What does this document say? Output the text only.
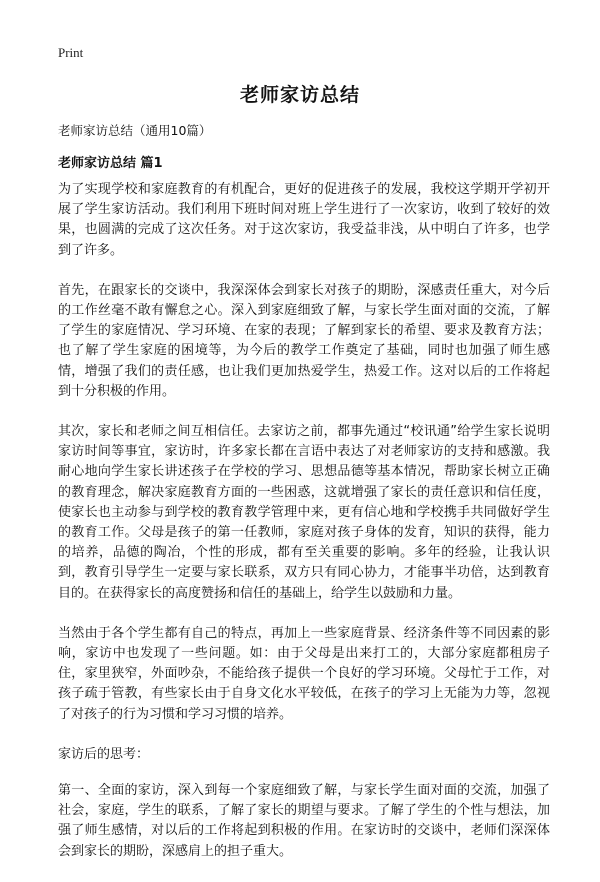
Print
老师家访总结

老师家访总结（通用10篇）

老师家访总结 篇1

为了实现学校和家庭教育的有机配合，更好的促进孩子的发展，我校这学期开学初开展了学生家访活动。我们利用下班时间对班上学生进行了一次家访，收到了较好的效果，也圆满的完成了这次任务。对于这次家访，我受益非浅，从中明白了许多，也学到了许多。

首先，在跟家长的交谈中，我深深体会到家长对孩子的期盼，深感责任重大，对今后的工作丝毫不敢有懈怠之心。深入到家庭细致了解，与家长学生面对面的交流，了解了学生的家庭情况、学习环境、在家的表现；了解到家长的希望、要求及教育方法；也了解了学生家庭的困境等，为今后的教学工作奠定了基础，同时也加强了师生感情，增强了我们的责任感，也让我们更加热爱学生，热爱工作。这对以后的工作将起到十分积极的作用。

其次，家长和老师之间互相信任。去家访之前，都事先通过“校讯通”给学生家长说明家访时间等事宜，家访时，许多家长都在言语中表达了对老师家访的支持和感激。我耐心地向学生家长讲述孩子在学校的学习、思想品德等基本情况，帮助家长树立正确的教育理念，解决家庭教育方面的一些困惑，这就增强了家长的责任意识和信任度，使家长也主动参与到学校的教育教学管理中来，更有信心地和学校携手共同做好学生的教育工作。父母是孩子的第一任教师，家庭对孩子身体的发育，知识的获得，能力的培养，品德的陶冶，个性的形成，都有至关重要的影响。多年的经验，让我认识到，教育引导学生一定要与家长联系，双方只有同心协力，才能事半功倍，达到教育目的。在获得家长的高度赞扬和信任的基础上，给学生以鼓励和力量。

当然由于各个学生都有自己的特点，再加上一些家庭背景、经济条件等不同因素的影响，家访中也发现了一些问题。如：由于父母是出来打工的，大部分家庭都租房子住，家里狭窄，外面吵杂，不能给孩子提供一个良好的学习环境。父母忙于工作，对孩子疏于管教，有些家长由于自身文化水平较低，在孩子的学习上无能为力等，忽视了对孩子的行为习惯和学习习惯的培养。

家访后的思考：

第一、全面的家访，深入到每一个家庭细致了解，与家长学生面对面的交流，加强了社会，家庭，学生的联系，了解了家长的期望与要求。了解了学生的个性与想法，加强了师生感情，对以后的工作将起到积极的作用。在家访时的交谈中，老师们深深体会到家长的期盼，深感肩上的担子重大。
